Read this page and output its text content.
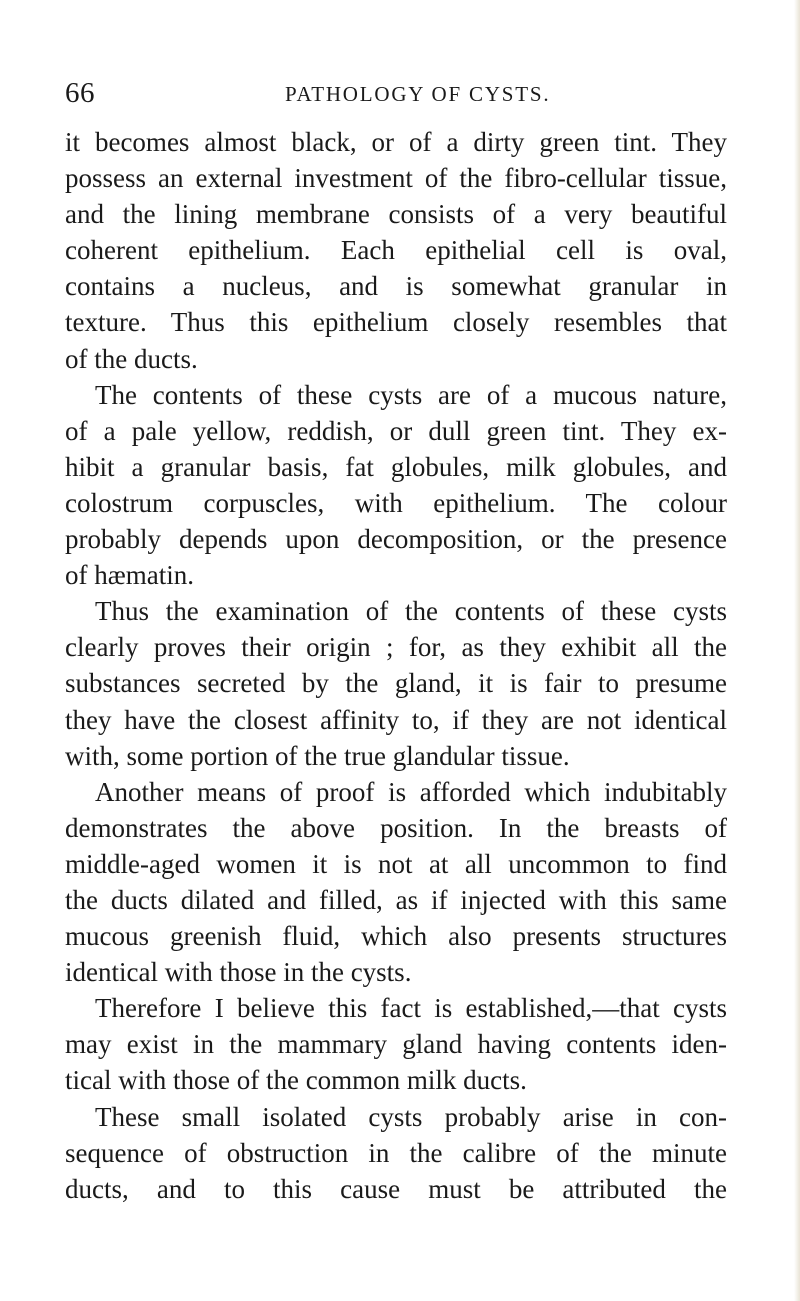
66	PATHOLOGY OF CYSTS.
it becomes almost black, or of a dirty green tint. They
possess an external investment of the fibro-cellular tissue,
and the lining membrane consists of a very beautiful
coherent epithelium. Each epithelial cell is oval,
contains a nucleus, and is somewhat granular in
texture. Thus this epithelium closely resembles that
of the ducts.
The contents of these cysts are of a mucous nature,
of a pale yellow, reddish, or dull green tint. They ex-
hibit a granular basis, fat globules, milk globules, and
colostrum corpuscles, with epithelium. The colour
probably depends upon decomposition, or the presence
of hæmatin.
Thus the examination of the contents of these cysts
clearly proves their origin ; for, as they exhibit all the
substances secreted by the gland, it is fair to presume
they have the closest affinity to, if they are not identical
with, some portion of the true glandular tissue.
Another means of proof is afforded which indubitably
demonstrates the above position. In the breasts of
middle-aged women it is not at all uncommon to find
the ducts dilated and filled, as if injected with this same
mucous greenish fluid, which also presents structures
identical with those in the cysts.
Therefore I believe this fact is established,—that cysts
may exist in the mammary gland having contents iden-
tical with those of the common milk ducts.
These small isolated cysts probably arise in con-
sequence of obstruction in the calibre of the minute
ducts, and to this cause must be attributed the
